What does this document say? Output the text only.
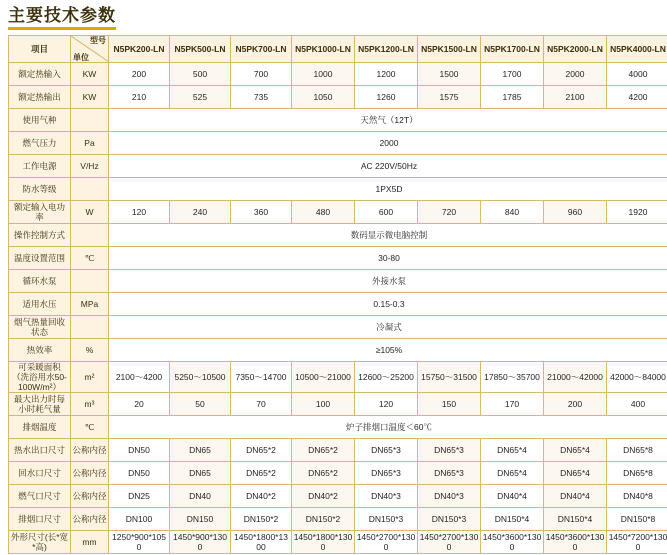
主要技术参数
项目	型号
单位	N5PK200-LN	N5PK500-LN	N5PK700-LN	N5PK1000-LN	N5PK1200-LN	N5PK1500-LN	N5PK1700-LN	N5PK2000-LN	N5PK4000-LN
额定热输入	KW	200	500	700	1000	1200	1500	1700	2000	4000
额定热输出	KW	210	525	735	1050	1260	1575	1785	2100	4200
使用气种		天然气（12T）								
燃气压力	Pa	2000								
工作电源	V/Hz	AC 220V/50Hz								
防水等级		1PX5D								
额定输入电功率	W	120	240	360	480	600	720	840	960	1920
操作控制方式		数码显示微电脑控制								
温度设置范围	℃	30-80								
循环水泵		外接水泵								
适用水压	MPa	0.15-0.3								
烟气热量回收状态		冷凝式								
热效率	%	≥105%								
可采暖面积（洗浴用水50-100W/m²）	m²	2100～4200	5250～10500	7350～14700	10500～21000	12600～25200	15750～31500	17850～35700	21000～42000	42000～84000
最大出力时每小时耗气量	m³	20	50	70	100	120	150	170	200	400
排烟温度	℃	炉子排烟口温度＜60℃								
热水出口尺寸	公称内径	DN50	DN65	DN65*2	DN65*2	DN65*3	DN65*3	DN65*4	DN65*4	DN65*8
回水口尺寸	公称内径	DN50	DN65	DN65*2	DN65*2	DN65*3	DN65*3	DN65*4	DN65*4	DN65*8
燃气口尺寸	公称内径	DN25	DN40	DN40*2	DN40*2	DN40*3	DN40*3	DN40*4	DN40*4	DN40*8
排烟口尺寸	公称内径	DN100	DN150	DN150*2	DN150*2	DN150*3	DN150*3	DN150*4	DN150*4	DN150*8
外形尺寸(长*宽*高)	mm	1250*900*1050	1450*900*1300	1450*1800*1300	1450*1800*1300	1450*2700*1300	1450*2700*1300	1450*3600*1300	1450*3600*1300	1450*7200*1300
